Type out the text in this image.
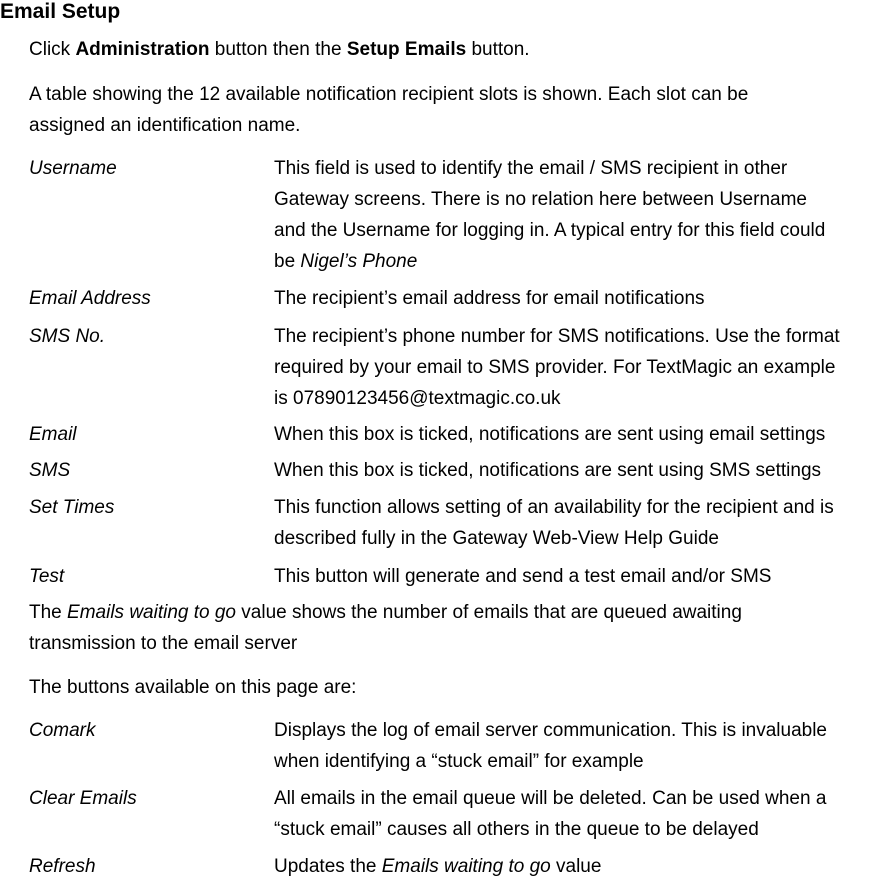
Email Setup

Click Administration button then the Setup Emails button.

A table showing the 12 available notification recipient slots is shown. Each slot can be
assigned an identification name.

Username	This field is used to identify the email / SMS recipient in other
Gateway screens. There is no relation here between Username
and the Username for logging in. A typical entry for this field could
be Nigel’s Phone
Email Address	The recipient’s email address for email notifications
SMS No.	The recipient’s phone number for SMS notifications. Use the format
required by your email to SMS provider. For TextMagic an example
is 07890123456@textmagic.co.uk
Email	When this box is ticked, notifications are sent using email settings
SMS	When this box is ticked, notifications are sent using SMS settings
Set Times	This function allows setting of an availability for the recipient and is
described fully in the Gateway Web-View Help Guide
Test	This button will generate and send a test email and/or SMS

The Emails waiting to go value shows the number of emails that are queued awaiting
transmission to the email server

The buttons available on this page are:

Comark	Displays the log of email server communication. This is invaluable
when identifying a “stuck email” for example
Clear Emails	All emails in the email queue will be deleted. Can be used when a
“stuck email” causes all others in the queue to be delayed
Refresh	Updates the Emails waiting to go value
